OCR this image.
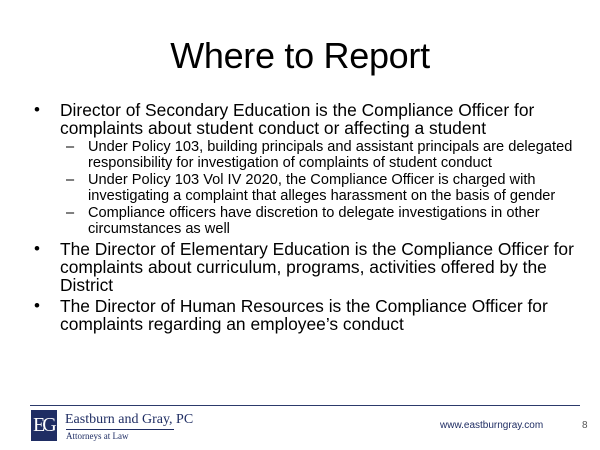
Where to Report
• Director of Secondary Education is the Compliance Officer for complaints about student conduct or affecting a student
– Under Policy 103, building principals and assistant principals are delegated responsibility for investigation of complaints of student conduct
– Under Policy 103 Vol IV 2020, the Compliance Officer is charged with investigating a complaint that alleges harassment on the basis of gender
– Compliance officers have discretion to delegate investigations in other circumstances as well
• The Director of Elementary Education is the Compliance Officer for complaints about curriculum, programs, activities offered by the District
• The Director of Human Resources is the Compliance Officer for complaints regarding an employee’s conduct
EG Eastburn and Gray, PC
Attorneys at Law
www.eastburngray.com	8
